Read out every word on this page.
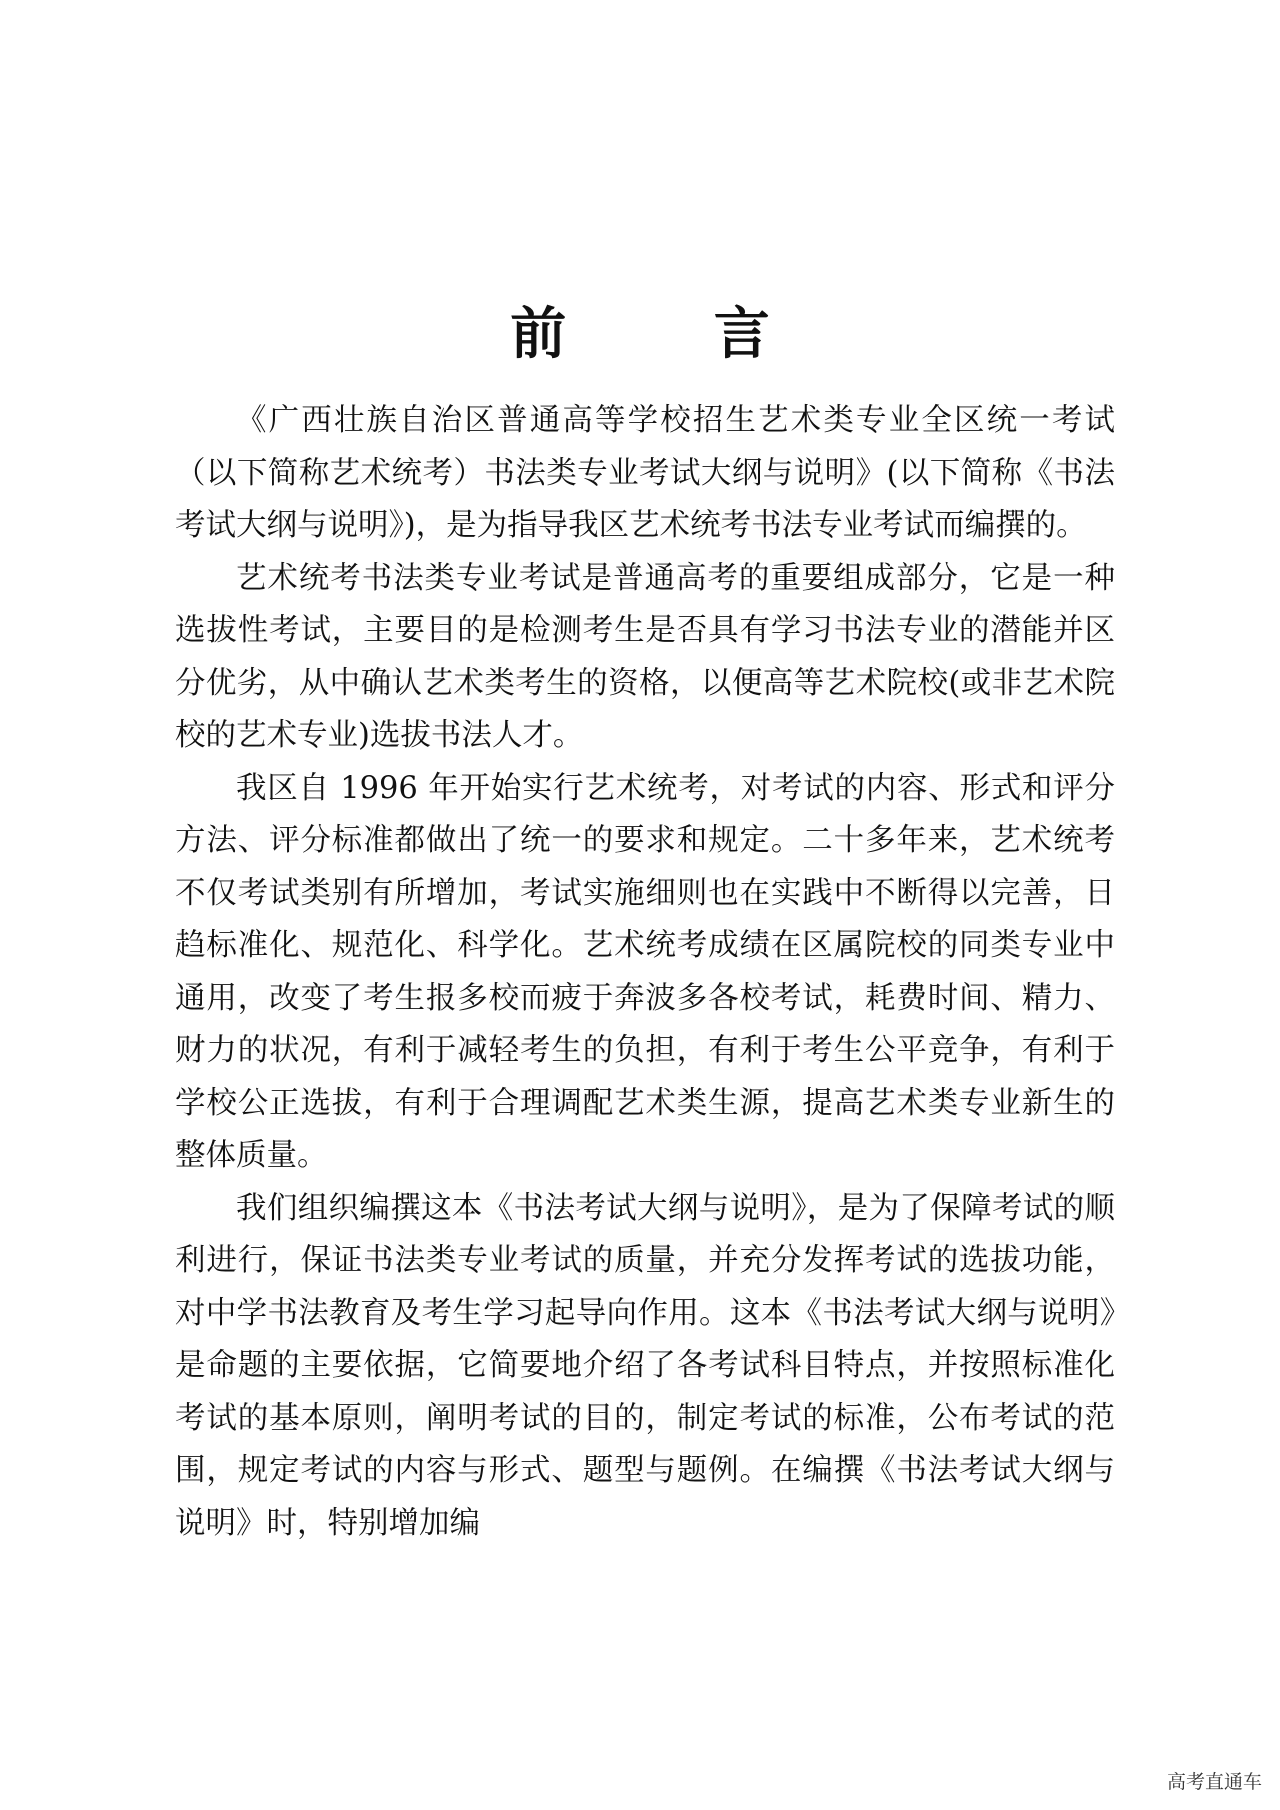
前 言

《广西壮族自治区普通高等学校招生艺术类专业全区统一考试（以下简称艺术统考）书法类专业考试大纲与说明》(以下简称《书法考试大纲与说明》)，是为指导我区艺术统考书法专业考试而编撰的。

艺术统考书法类专业考试是普通高考的重要组成部分，它是一种选拔性考试，主要目的是检测考生是否具有学习书法专业的潜能并区分优劣，从中确认艺术类考生的资格，以便高等艺术院校(或非艺术院校的艺术专业)选拔书法人才。

我区自 1996 年开始实行艺术统考，对考试的内容、形式和评分方法、评分标准都做出了统一的要求和规定。二十多年来，艺术统考不仅考试类别有所增加，考试实施细则也在实践中不断得以完善，日趋标准化、规范化、科学化。艺术统考成绩在区属院校的同类专业中通用，改变了考生报多校而疲于奔波多各校考试，耗费时间、精力、财力的状况，有利于减轻考生的负担，有利于考生公平竞争，有利于学校公正选拔，有利于合理调配艺术类生源，提高艺术类专业新生的整体质量。

我们组织编撰这本《书法考试大纲与说明》，是为了保障考试的顺利进行，保证书法类专业考试的质量，并充分发挥考试的选拔功能，对中学书法教育及考生学习起导向作用。这本《书法考试大纲与说明》是命题的主要依据，它简要地介绍了各考试科目特点，并按照标准化考试的基本原则，阐明考试的目的，制定考试的标准，公布考试的范围，规定考试的内容与形式、题型与题例。在编撰《书法考试大纲与说明》时，特别增加编

高考直通车
